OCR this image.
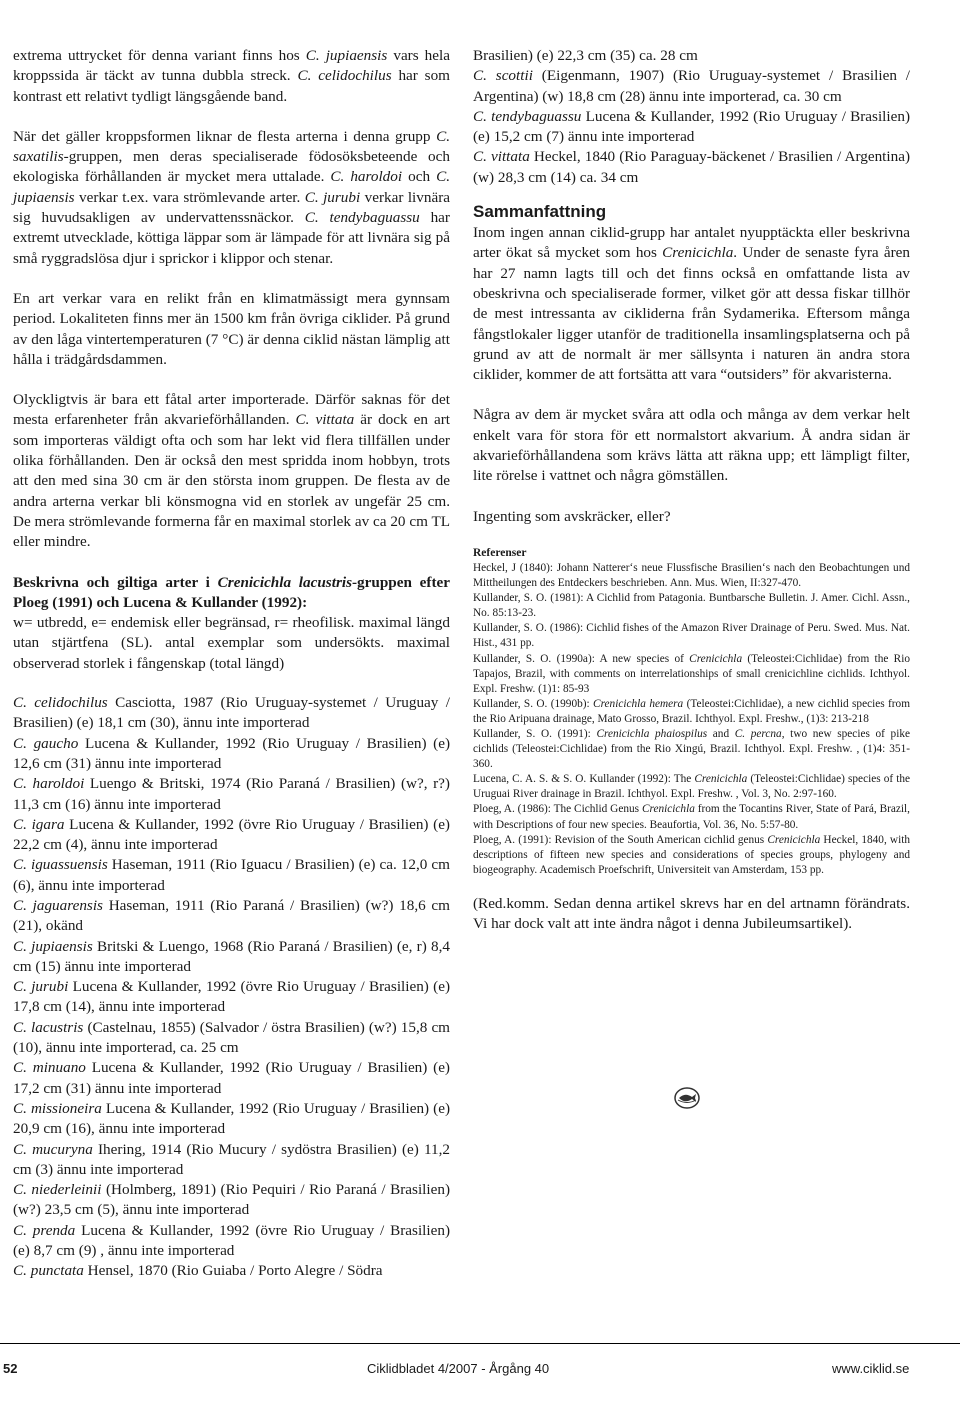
extrema uttrycket för denna variant finns hos C. jupiaensis vars hela kroppssida är täckt av tunna dubbla streck. C. celidochilus har som kontrast ett relativt tydligt längsgående band.

När det gäller kroppsformen liknar de flesta arterna i denna grupp C. saxatilis-gruppen, men deras specialiserade födosöksbeteende och ekologiska förhållanden är mycket mera uttalade. C. haroldoi och C. jupiaensis verkar t.ex. vara strömlevande arter. C. jurubi verkar livnära sig huvudsakligen av undervattenssnäckor. C. tendybaguassu har extremt utvecklade, köttiga läppar som är lämpade för att livnära sig på små ryggradslösa djur i sprickor i klippor och stenar.

En art verkar vara en relikt från en klimatmässigt mera gynnsam period. Lokaliteten finns mer än 1500 km från övriga ciklider. På grund av den låga vintertemperaturen (7 °C) är denna ciklid nästan lämplig att hålla i trädgårdsdammen.

Olyckligtvis är bara ett fåtal arter importerade. Därför saknas för det mesta erfarenheter från akvarieförhållanden. C. vittata är dock en art som importeras väldigt ofta och som har lekt vid flera tillfällen under olika förhållanden. Den är också den mest spridda inom hobbyn, trots att den med sina 30 cm är den största inom gruppen. De flesta av de andra arterna verkar bli könsmogna vid en storlek av ungefär 25 cm. De mera strömlevande formerna får en maximal storlek av ca 20 cm TL eller mindre.

Beskrivna och giltiga arter i Crenicichla lacustris-gruppen efter Ploeg (1991) och Lucena & Kullander (1992):

w= utbredd, e= endemisk eller begränsad, r= rheofilisk. maximal längd utan stjärtfena (SL). antal exemplar som undersökts. maximal observerad storlek i fångenskap (total längd)

C. celidochilus Casciotta, 1987 (Rio Uruguay-systemet / Uruguay / Brasilien) (e) 18,1 cm (30), ännu inte importerad

C. gaucho Lucena & Kullander, 1992 (Rio Uruguay / Brasilien) (e) 12,6 cm (31) ännu inte importerad

C. haroldoi Luengo & Britski, 1974 (Rio Paraná / Brasilien) (w?, r?) 11,3 cm (16) ännu inte importerad

C. igara Lucena & Kullander, 1992 (övre Rio Uruguay / Brasilien) (e) 22,2 cm (4), ännu inte importerad

C. iguassuensis Haseman, 1911 (Rio Iguacu / Brasilien) (e) ca. 12,0 cm (6), ännu inte importerad

C. jaguarensis Haseman, 1911 (Rio Paraná / Brasilien) (w?) 18,6 cm (21), okänd

C. jupiaensis Britski & Luengo, 1968 (Rio Paraná / Brasilien) (e, r) 8,4 cm (15) ännu inte importerad

C. jurubi Lucena & Kullander, 1992 (övre Rio Uruguay / Brasilien) (e) 17,8 cm (14), ännu inte importerad

C. lacustris (Castelnau, 1855) (Salvador / östra Brasilien) (w?) 15,8 cm (10), ännu inte importerad, ca. 25 cm

C. minuano Lucena & Kullander, 1992 (Rio Uruguay / Brasilien) (e) 17,2 cm (31) ännu inte importerad

C. missioneira Lucena & Kullander, 1992 (Rio Uruguay / Brasilien) (e) 20,9 cm (16), ännu inte importerad

C. mucuryna Ihering, 1914 (Rio Mucury / sydöstra Brasilien) (e) 11,2 cm (3) ännu inte importerad

C. niederleinii (Holmberg, 1891) (Rio Pequiri / Rio Paraná / Brasilien) (w?) 23,5 cm (5), ännu inte importerad

C. prenda Lucena & Kullander, 1992 (övre Rio Uruguay / Brasilien) (e) 8,7 cm (9) , ännu inte importerad

C. punctata Hensel, 1870 (Rio Guiaba / Porto Alegre / Södra

Brasilien) (e) 22,3 cm (35) ca. 28 cm

C. scottii (Eigenmann, 1907) (Rio Uruguay-systemet / Brasilien / Argentina) (w) 18,8 cm (28) ännu inte importerad, ca. 30 cm

C. tendybaguassu Lucena & Kullander, 1992 (Rio Uruguay / Brasilien) (e) 15,2 cm (7) ännu inte importerad

C. vittata Heckel, 1840 (Rio Paraguay-bäckenet / Brasilien / Argentina) (w) 28,3 cm (14) ca. 34 cm

Sammanfattning

Inom ingen annan ciklid-grupp har antalet nyupptäckta eller beskrivna arter ökat så mycket som hos Crenicichla. Under de senaste fyra åren har 27 namn lagts till och det finns också en omfattande lista av obeskrivna och specialiserade former, vilket gör att dessa fiskar tillhör de mest intressanta av cikliderna från Sydamerika. Eftersom många fångstlokaler ligger utanför de traditionella insamlingsplatserna och på grund av att de normalt är mer sällsynta i naturen än andra stora ciklider, kommer de att fortsätta att vara “outsiders” för akvaristerna.

Några av dem är mycket svåra att odla och många av dem verkar helt enkelt vara för stora för ett normalstort akvarium. Å andra sidan är akvarieförhållandena som krävs lätta att räkna upp; ett lämpligt filter, lite rörelse i vattnet och några gömställen.

Ingenting som avskräcker, eller?

Referenser

Heckel, J (1840): Johann Natterer‘s neue Flussfische Brasilien‘s nach den Beobachtungen und Mittheilungen des Entdeckers beschrieben. Ann. Mus. Wien, II:327-470.

Kullander, S. O. (1981): A Cichlid from Patagonia. Buntbarsche Bulletin. J. Amer. Cichl. Assn., No. 85:13-23.

Kullander, S. O. (1986): Cichlid fishes of the Amazon River Drainage of Peru. Swed. Mus. Nat. Hist., 431 pp.

Kullander, S. O. (1990a): A new species of Crenicichla (Teleostei:Cichlidae) from the Rio Tapajos, Brazil, with comments on interrelationships of small crenicichline cichlids. Ichthyol. Expl. Freshw. (1)1: 85-93

Kullander, S. O. (1990b): Crenicichla hemera (Teleostei:Cichlidae), a new cichlid species from the Rio Aripuana drainage, Mato Grosso, Brazil. Ichthyol. Expl. Freshw., (1)3: 213-218

Kullander, S. O. (1991): Crenicichla phaiospilus and C. percna, two new species of pike cichlids (Teleostei:Cichlidae) from the Rio Xingú, Brazil. Ichthyol. Expl. Freshw. , (1)4: 351-360.

Lucena, C. A. S. & S. O. Kullander (1992): The Crenicichla (Teleostei:Cichlidae) species of the Uruguai River drainage in Brazil. Ichthyol. Expl. Freshw. , Vol. 3, No. 2:97-160.

Ploeg, A. (1986): The Cichlid Genus Crenicichla from the Tocantins River, State of Pará, Brazil, with Descriptions of four new species. Beaufortia, Vol. 36, No. 5:57-80.

Ploeg, A. (1991): Revision of the South American cichlid genus Crenicichla Heckel, 1840, with descriptions of fifteen new species and considerations of species groups, phylogeny and biogeography. Academisch Proefschrift, Universiteit van Amsterdam, 153 pp.

(Red.komm. Sedan denna artikel skrevs har en del artnamn förändrats. Vi har dock valt att inte ändra något i denna Jubileumsartikel).

52	Ciklidbladet 4/2007 - Årgång 40	www.ciklid.se
